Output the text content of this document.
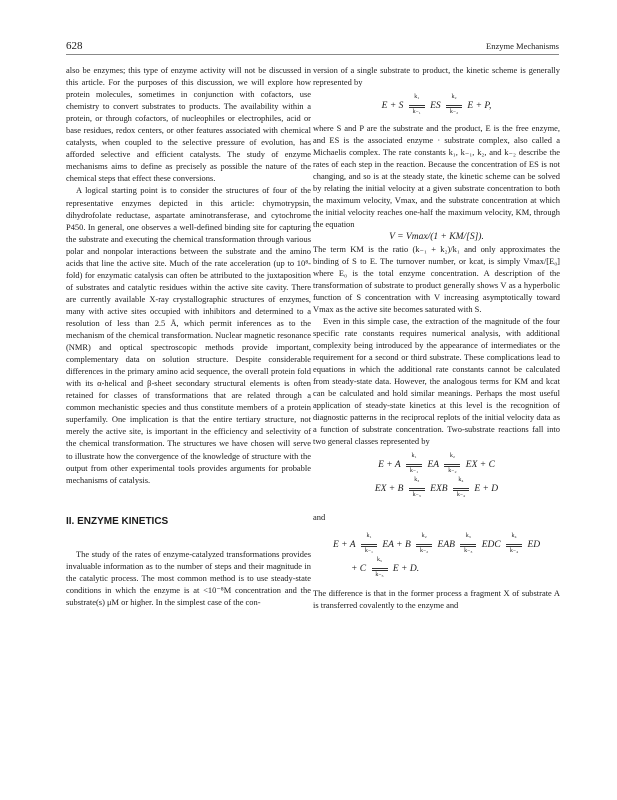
628	Enzyme Mechanisms

also be enzymes; this type of enzyme activity will not be discussed in this article. For the purposes of this discussion, we will explore how protein molecules, sometimes in conjunction with cofactors, use chemistry to convert substrates to products. The availability within a protein, or through cofactors, of nucleophiles or electrophiles, acid or base residues, redox centers, or other features associated with chemical catalysts, when coupled to the selective pressure of evolution, has afforded selective and efficient catalysts. The study of enzyme mechanisms aims to define as precisely as possible the nature of the chemical steps that effect these conversions.

A logical starting point is to consider the structures of four of the representative enzymes depicted in this article: chymotrypsin, dihydrofolate reductase, aspartate aminotransferase, and cytochrome P450. In general, one observes a well-defined binding site for capturing the substrate and executing the chemical transformation through various polar and nonpolar interactions between the substrate and the amino acids that line the active site. Much of the rate acceleration (up to 10⁸-fold) for enzymatic catalysis can often be attributed to the juxtaposition of substrates and catalytic residues within the active site cavity. There are currently available X-ray crystallographic structures of enzymes, many with active sites occupied with inhibitors and determined to a resolution of less than 2.5 Å, which permit inferences as to the mechanism of the chemical transformation. Nuclear magnetic resonance (NMR) and optical spectroscopic methods provide important, complementary data on solution structure. Despite considerable differences in the primary amino acid sequence, the overall protein fold with its α-helical and β-sheet secondary structural elements is often retained for classes of transformations that are related through a common mechanistic species and thus constitute members of a protein superfamily. One implication is that the entire tertiary structure, not merely the active site, is important in the efficiency and selectivity of the chemical transformation. The structures we have chosen will serve to illustrate how the convergence of the knowledge of structure with the output from other experimental tools provides arguments for probable mechanisms of catalysis.

II. ENZYME KINETICS

The study of the rates of enzyme-catalyzed transformations provides invaluable information as to the number of steps and their magnitude in the catalytic process. The most common method is to use steady-state conditions in which the enzyme is at <10⁻⁸M concentration and the substrate(s) μM or higher. In the simplest case of the con-

version of a single substrate to product, the kinetic scheme is generally represented by

E + S
k₁
k₋₁
ES
k₂
k₋₂
E + P,

where S and P are the substrate and the product, E is the free enzyme, and ES is the associated enzyme · substrate complex, also called a Michaelis complex. The rate constants k₁, k₋₁, k₂, and k₋₂ describe the rates of each step in the reaction. Because the concentration of ES is not changing, and so is at the steady state, the kinetic scheme can be solved by relating the initial velocity at a given substrate concentration to both the maximum velocity, Vmax, and the substrate concentration at which the initial velocity reaches one-half the maximum velocity, KM, through the equation

V = Vmax/(1 + KM/[S]).

The term KM is the ratio (k₋₁ + k₂)/k₁ and only approximates the binding of S to E. The turnover number, or kcat, is simply Vmax/[E₀] where E₀ is the total enzyme concentration. A description of the transformation of substrate to product generally shows V as a hyperbolic function of S concentration with V increasing asymptotically toward Vmax as the active site becomes saturated with S.

Even in this simple case, the extraction of the magnitude of the four specific rate constants requires numerical analysis, with additional complexity being introduced by the appearance of intermediates or the requirement for a second or third substrate. These complications lead to equations in which the additional rate constants cannot be calculated from steady-state data. However, the analogous terms for KM and kcat can be calculated and hold similar meanings. Perhaps the most useful application of steady-state kinetics at this level is the recognition of diagnostic patterns in the reciprocal replots of the initial velocity data as a function of substrate concentration. Two-substrate reactions fall into two general classes represented by

E + A
k₁
k₋₁
EA
k₂
k₋₂
EX + C
EX + B
k₃
k₋₃
EXB
k₄
k₋₄
E + D

and

E + A
k₁
k₋₁
EA + B
k₂
k₋₂
EAB
k₃
k₋₃
EDC
k₄
k₋₄
ED
+ C
k₅
k₋₅
E + D.

The difference is that in the former process a fragment X of substrate A is transferred covalently to the enzyme and
